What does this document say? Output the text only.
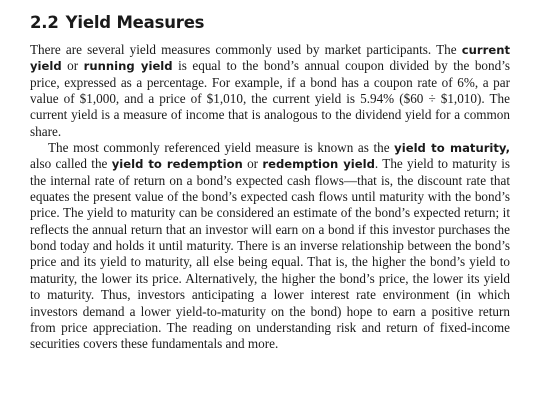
2.2 Yield Measures

There are several yield measures commonly used by market participants. The current yield or running yield is equal to the bond’s annual coupon divided by the bond’s price, expressed as a percentage. For example, if a bond has a coupon rate of 6%, a par value of $1,000, and a price of $1,010, the current yield is 5.94% ($60 ÷ $1,010). The current yield is a measure of income that is analogous to the dividend yield for a common share.

The most commonly referenced yield measure is known as the yield to maturity, also called the yield to redemption or redemption yield. The yield to maturity is the internal rate of return on a bond’s expected cash flows—that is, the discount rate that equates the present value of the bond’s expected cash flows until maturity with the bond’s price. The yield to maturity can be considered an estimate of the bond’s expected return; it reflects the annual return that an investor will earn on a bond if this investor purchases the bond today and holds it until maturity. There is an inverse relationship between the bond’s price and its yield to maturity, all else being equal. That is, the higher the bond’s yield to maturity, the lower its price. Alternatively, the higher the bond’s price, the lower its yield to maturity. Thus, investors anticipating a lower interest rate environment (in which investors demand a lower yield-to-maturity on the bond) hope to earn a positive return from price appreciation. The reading on understanding risk and return of fixed-income securities covers these fundamentals and more.
